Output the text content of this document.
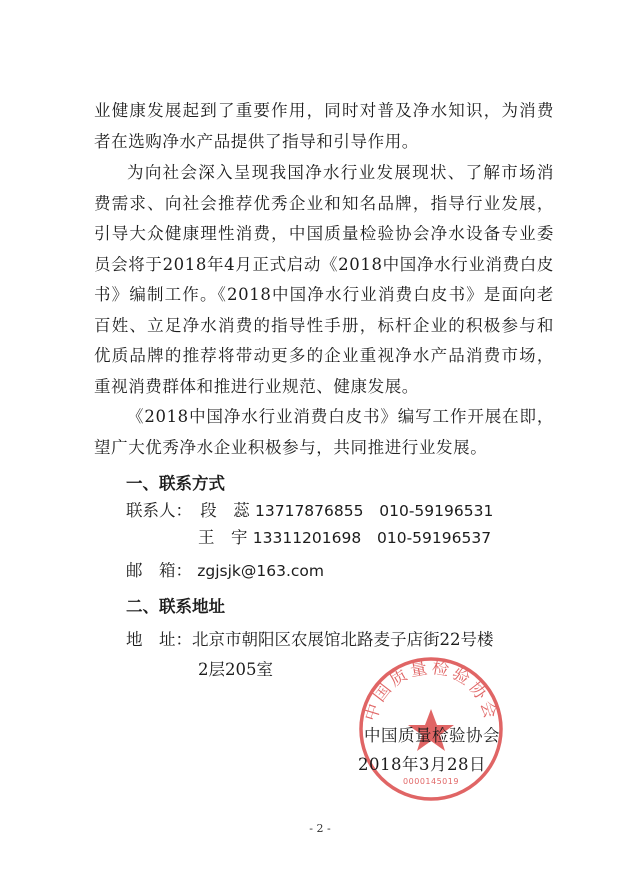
业健康发展起到了重要作用，同时对普及净水知识，为消费者在选购净水产品提供了指导和引导作用。

为向社会深入呈现我国净水行业发展现状、了解市场消费需求、向社会推荐优秀企业和知名品牌，指导行业发展，引导大众健康理性消费，中国质量检验协会净水设备专业委员会将于2018年4月正式启动《2018中国净水行业消费白皮书》编制工作。《2018中国净水行业消费白皮书》是面向老百姓、立足净水消费的指导性手册，标杆企业的积极参与和优质品牌的推荐将带动更多的企业重视净水产品消费市场，重视消费群体和推进行业规范、健康发展。

《2018中国净水行业消费白皮书》编写工作开展在即，望广大优秀净水企业积极参与，共同推进行业发展。

一、联系方式

联系人：　 段　蕊 13717876855 010-59196531

王　宇 13311201698 010-59196537

邮　箱： zgjsjk@163.com

二、联系地址

地　址：北京市朝阳区农展馆北路麦子店街22号楼

2层205室

中国质量检验协会
0000145019

中国质量检验协会

2018年3月28日

- 2 -
